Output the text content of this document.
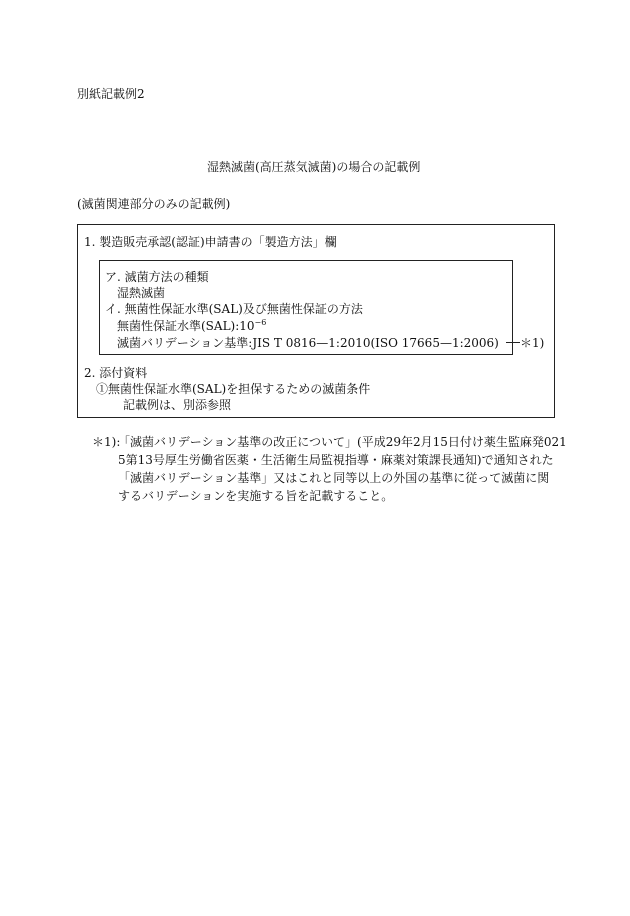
別紙記載例2
湿熱滅菌(高圧蒸気滅菌)の場合の記載例
(滅菌関連部分のみの記載例)
1. 製造販売承認(認証)申請書の「製造方法」欄
ア. 滅菌方法の種類
湿熱滅菌
イ. 無菌性保証水準(SAL)及び無菌性保証の方法
無菌性保証水準$(SAL):10^{-6}$
滅菌バリデーション基準:JIS T 0816—1:2010(ISO 17665—1:2006) ＊1)
2. 添付資料
①無菌性保証水準(SAL)を担保するための滅菌条件
記載例は、別添参照
＊1):
「滅菌バリデーション基準の改正について」(平成29年2月15日付け薬生監麻発021
5第13号厚生労働省医薬・生活衛生局監視指導・麻薬対策課長通知)で通知された
「滅菌バリデーション基準」又はこれと同等以上の外国の基準に従って滅菌に関
するバリデーションを実施する旨を記載すること。
